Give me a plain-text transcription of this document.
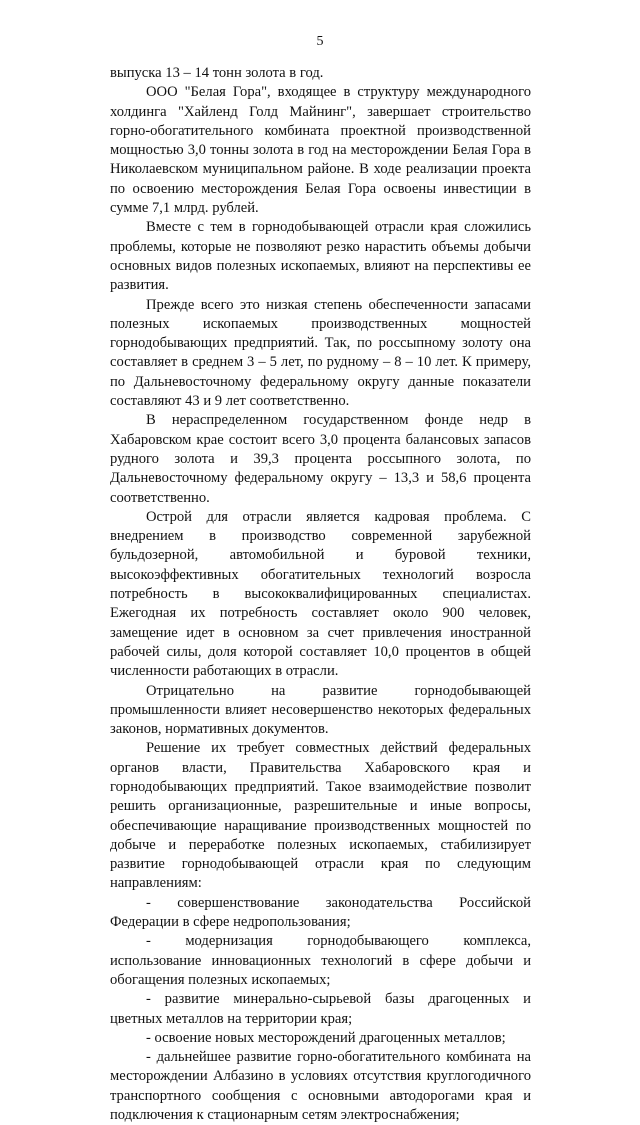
5

выпуска 13 – 14 тонн золота в год.

ООО "Белая Гора", входящее в структуру международного холдинга "Хайленд Голд Майнинг", завершает строительство горно-обогатительного комбината проектной производственной мощностью 3,0 тонны золота в год на месторождении Белая Гора в Николаевском муниципальном районе. В ходе реализации проекта по освоению месторождения Белая Гора освоены инвестиции в сумме 7,1 млрд. рублей.

Вместе с тем в горнодобывающей отрасли края сложились проблемы, которые не позволяют резко нарастить объемы добычи основных видов полезных ископаемых, влияют на перспективы ее развития.

Прежде всего это низкая степень обеспеченности запасами полезных ископаемых производственных мощностей горнодобывающих предприятий. Так, по россыпному золоту она составляет в среднем 3 – 5 лет, по рудному – 8 – 10 лет. К примеру, по Дальневосточному федеральному округу данные показатели составляют 43 и 9 лет соответственно.

В нераспределенном государственном фонде недр в Хабаровском крае состоит всего 3,0 процента балансовых запасов рудного золота и 39,3 процента россыпного золота, по Дальневосточному федеральному округу – 13,3 и 58,6 процента соответственно.

Острой для отрасли является кадровая проблема. С внедрением в производство современной зарубежной бульдозерной, автомобильной и буровой техники, высокоэффективных обогатительных технологий возросла потребность в высококвалифицированных специалистах. Ежегодная их потребность составляет около 900 человек, замещение идет в основном за счет привлечения иностранной рабочей силы, доля которой составляет 10,0 процентов в общей численности работающих в отрасли.

Отрицательно на развитие горнодобывающей промышленности влияет несовершенство некоторых федеральных законов, нормативных документов.

Решение их требует совместных действий федеральных органов власти, Правительства Хабаровского края и горнодобывающих предприятий. Такое взаимодействие позволит решить организационные, разрешительные и иные вопросы, обеспечивающие наращивание производственных мощностей по добыче и переработке полезных ископаемых, стабилизирует развитие горнодобывающей отрасли края по следующим направлениям:

- совершенствование законодательства Российской Федерации в сфере недропользования;

- модернизация горнодобывающего комплекса, использование инновационных технологий в сфере добычи и обогащения полезных ископаемых;

- развитие минерально-сырьевой базы драгоценных и цветных металлов на территории края;

- освоение новых месторождений драгоценных металлов;

- дальнейшее развитие горно-обогатительного комбината на месторождении Албазино в условиях отсутствия круглогодичного транспортного сообщения с основными автодорогами края и подключения к стационарным сетям электроснабжения;
